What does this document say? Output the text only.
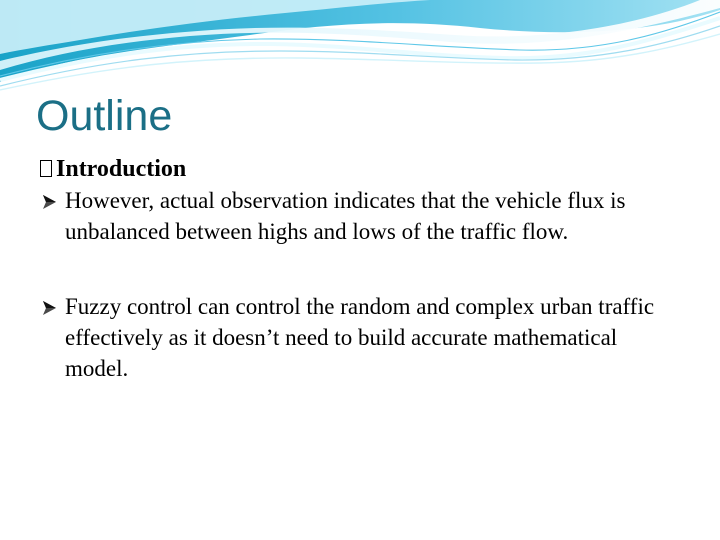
Outline
Introduction
However, actual observation indicates that the vehicle flux is unbalanced between highs and lows of the traffic flow.
Fuzzy control can control the random and complex urban traffic effectively as it doesn’t need to build accurate mathematical model.
